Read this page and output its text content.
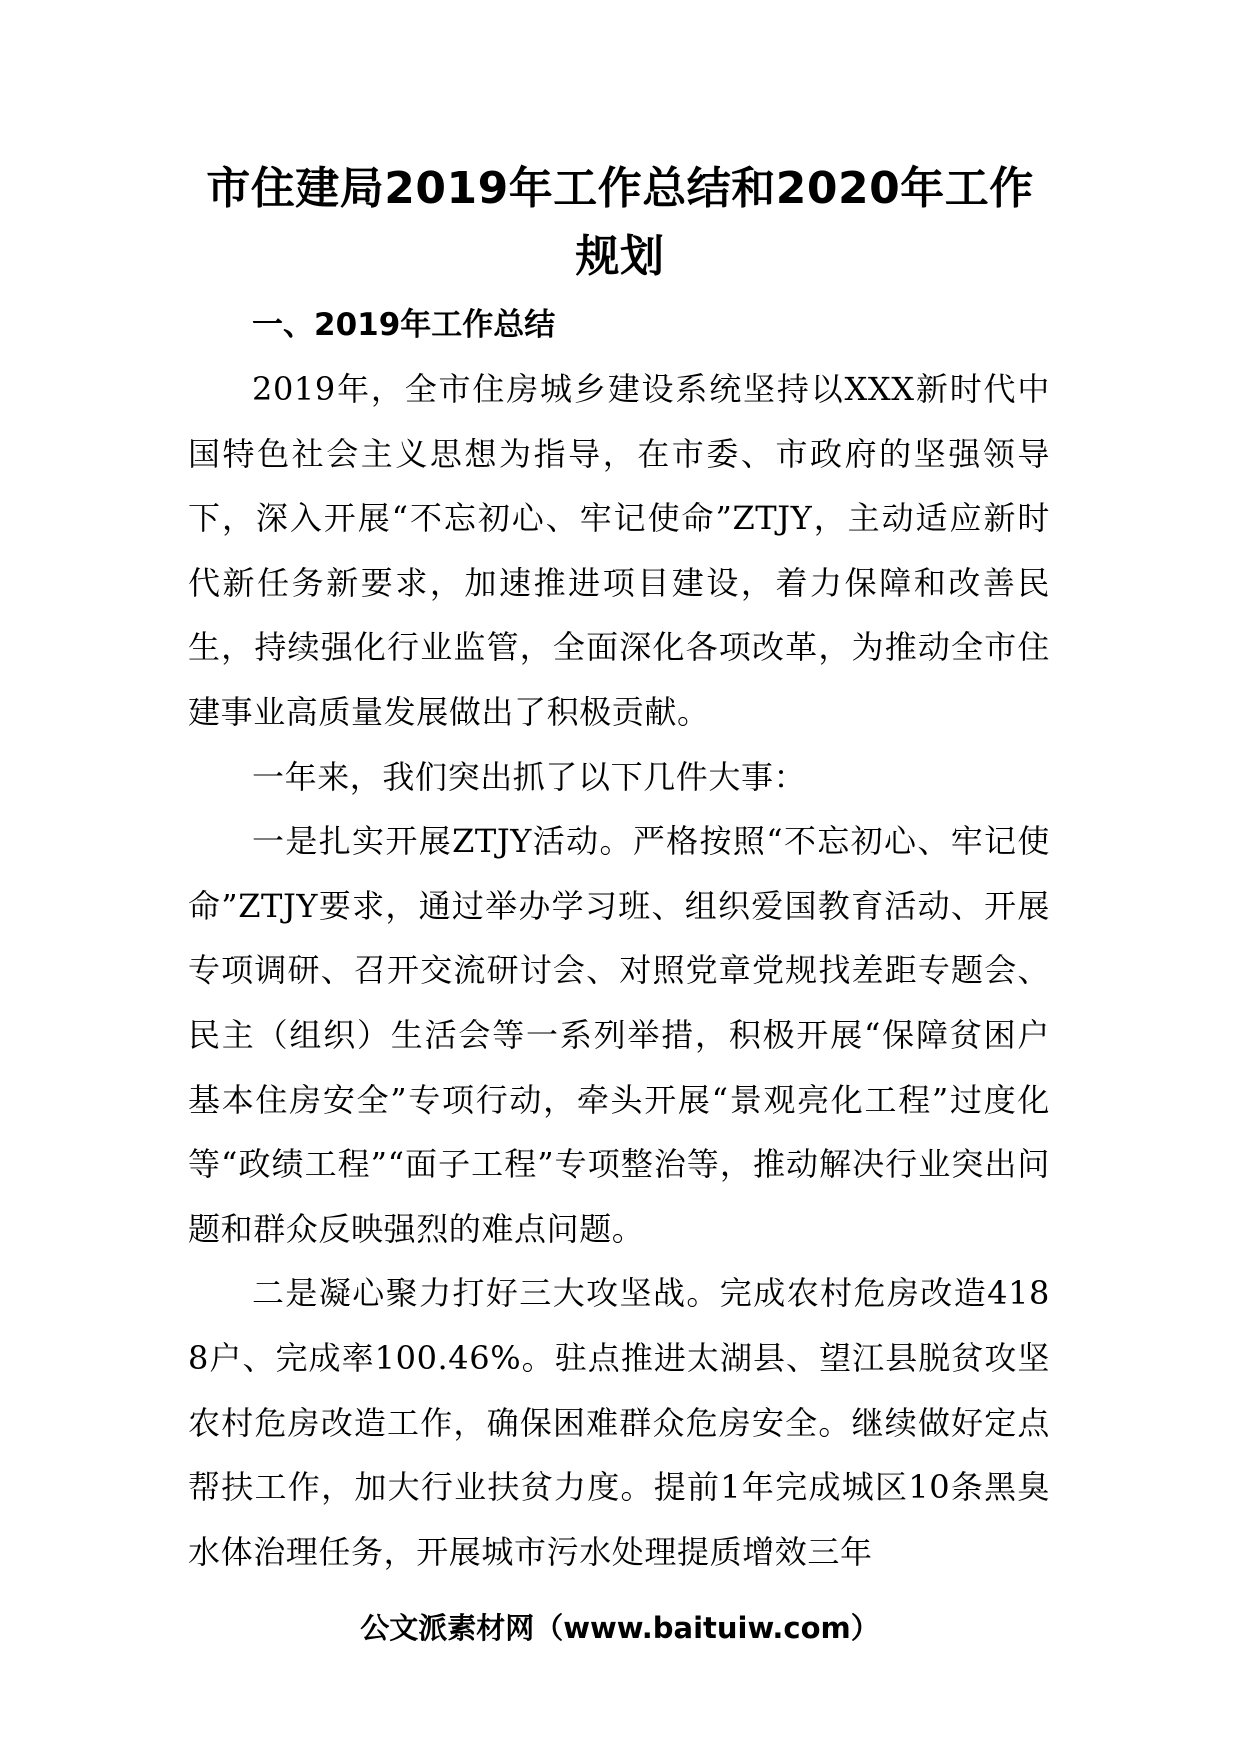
市住建局2019年工作总结和2020年工作规划

一、2019年工作总结

2019年，全市住房城乡建设系统坚持以XXX新时代中国特色社会主义思想为指导，在市委、市政府的坚强领导下，深入开展“不忘初心、牢记使命”ZTJY，主动适应新时代新任务新要求，加速推进项目建设，着力保障和改善民生，持续强化行业监管，全面深化各项改革，为推动全市住建事业高质量发展做出了积极贡献。

一年来，我们突出抓了以下几件大事：

一是扎实开展ZTJY活动。严格按照“不忘初心、牢记使命”ZTJY要求，通过举办学习班、组织爱国教育活动、开展专项调研、召开交流研讨会、对照党章党规找差距专题会、民主（组织）生活会等一系列举措，积极开展“保障贫困户基本住房安全”专项行动，牵头开展“景观亮化工程”过度化等“政绩工程”“面子工程”专项整治等，推动解决行业突出问题和群众反映强烈的难点问题。

二是凝心聚力打好三大攻坚战。完成农村危房改造4188户、完成率100.46%。驻点推进太湖县、望江县脱贫攻坚农村危房改造工作，确保困难群众危房安全。继续做好定点帮扶工作，加大行业扶贫力度。提前1年完成城区10条黑臭水体治理任务，开展城市污水处理提质增效三年

公文派素材网（www.baituiw.com）
